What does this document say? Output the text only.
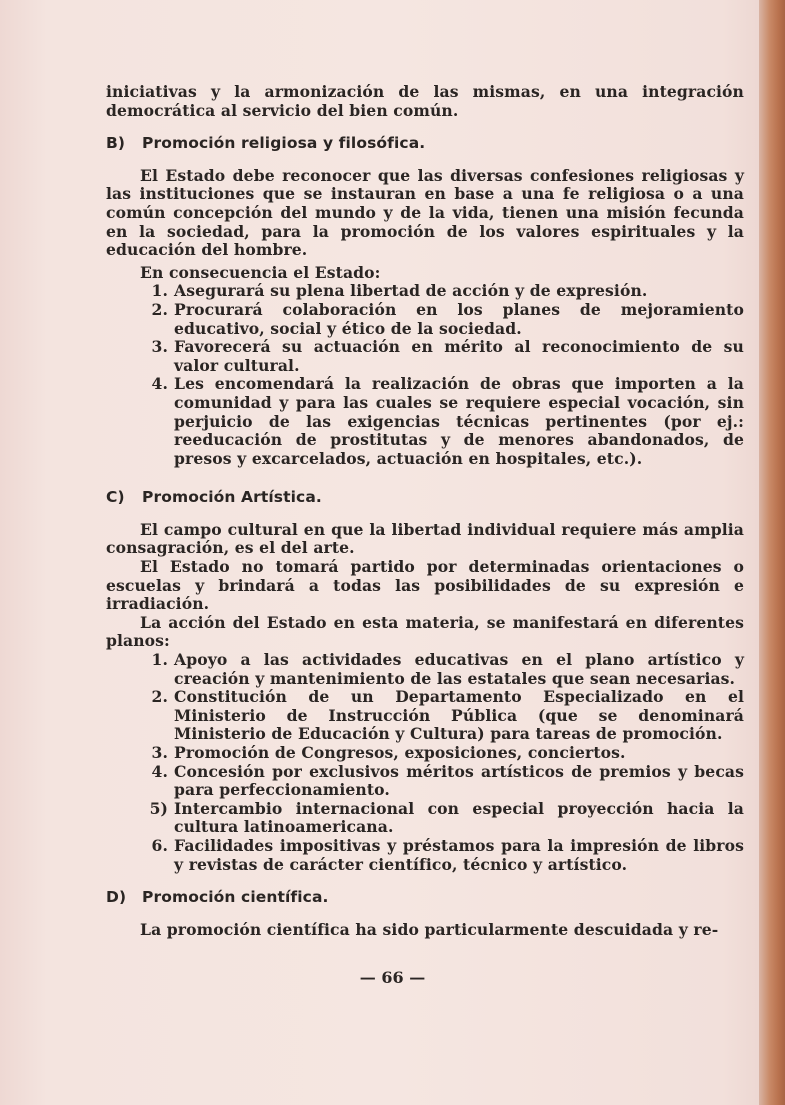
iniciativas y la armonización de las mismas, en una integración democrática al servicio del bien común.

B) Promoción religiosa y filosófica.

El Estado debe reconocer que las diversas confesiones religiosas y las instituciones que se instauran en base a una fe religiosa o a una común concepción del mundo y de la vida, tienen una misión fecunda en la sociedad, para la promoción de los valores espirituales y la educación del hombre.

En consecuencia el Estado:

1. Asegurará su plena libertad de acción y de expresión.
2. Procurará colaboración en los planes de mejoramiento educativo, social y ético de la sociedad.
3. Favorecerá su actuación en mérito al reconocimiento de su valor cultural.
4. Les encomendará la realización de obras que importen a la comunidad y para las cuales se requiere especial vocación, sin perjuicio de las exigencias técnicas pertinentes (por ej.: reeducación de prostitutas y de menores abandonados, de presos y excarcelados, actuación en hospitales, etc.).
C) Promoción Artística.

El campo cultural en que la libertad individual requiere más amplia consagración, es el del arte.

El Estado no tomará partido por determinadas orientaciones o escuelas y brindará a todas las posibilidades de su expresión e irradiación.

La acción del Estado en esta materia, se manifestará en diferentes planos:

1. Apoyo a las actividades educativas en el plano artístico y creación y mantenimiento de las estatales que sean necesarias.
2. Constitución de un Departamento Especializado en el Ministerio de Instrucción Pública (que se denominará Ministerio de Educación y Cultura) para tareas de promoción.
3. Promoción de Congresos, exposiciones, conciertos.
4. Concesión por exclusivos méritos artísticos de premios y becas para perfeccionamiento.
5) Intercambio internacional con especial proyección hacia la cultura latinoamericana.
6. Facilidades impositivas y préstamos para la impresión de libros y revistas de carácter científico, técnico y artístico.
D) Promoción científica.

La promoción científica ha sido particularmente descuidada y re-

— 66 —
